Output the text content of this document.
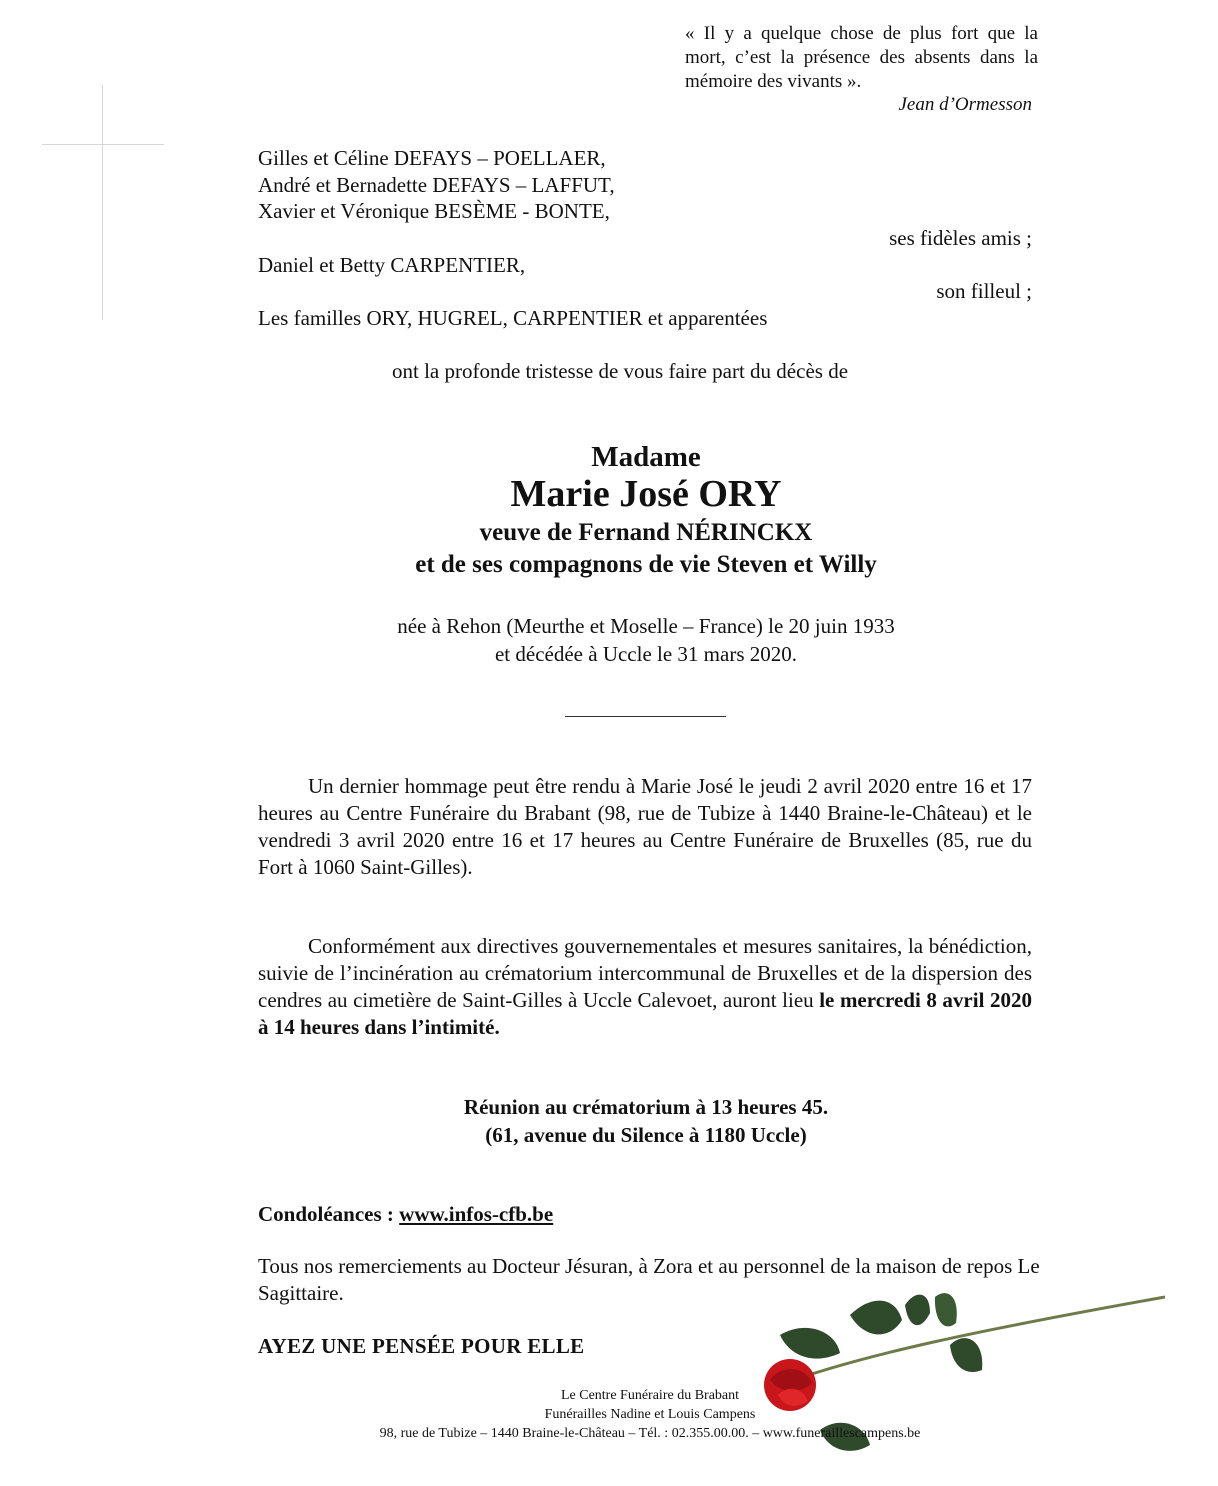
« Il y a quelque chose de plus fort que la mort, c’est la présence des absents dans la mémoire des vivants ».
Jean d’Ormesson
Gilles et Céline DEFAYS – POELLAER,
André et Bernadette DEFAYS – LAFFUT,
Xavier et Véronique BESÈME - BONTE,
ses fidèles amis ;
Daniel et Betty CARPENTIER,
son filleul ;
Les familles ORY, HUGREL, CARPENTIER et apparentées
ont la profonde tristesse de vous faire part du décès de
Madame
Marie José ORY
veuve de Fernand NÉRINCKX
et de ses compagnons de vie Steven et Willy
née à Rehon (Meurthe et Moselle – France) le 20 juin 1933
et décédée à Uccle le 31 mars 2020.
Un dernier hommage peut être rendu à Marie José le jeudi 2 avril 2020 entre 16 et 17 heures au Centre Funéraire du Brabant (98, rue de Tubize à 1440 Braine-le-Château) et le vendredi 3 avril 2020 entre 16 et 17 heures au Centre Funéraire de Bruxelles (85, rue du Fort à 1060 Saint-Gilles).
Conformément aux directives gouvernementales et mesures sanitaires, la bénédiction, suivie de l’incinération au crématorium intercommunal de Bruxelles et de la dispersion des cendres au cimetière de Saint-Gilles à Uccle Calevoet, auront lieu le mercredi 8 avril 2020 à 14 heures dans l’intimité.
Réunion au crématorium à 13 heures 45.
(61, avenue du Silence à 1180 Uccle)
Condoléances : www.infos-cfb.be
Tous nos remerciements au Docteur Jésuran, à Zora et au personnel de la maison de repos Le Sagittaire.
AYEZ UNE PENSÉE POUR ELLE
Le Centre Funéraire du Brabant
Funérailles Nadine et Louis Campens
98, rue de Tubize – 1440 Braine-le-Château – Tél. : 02.355.00.00. – www.funeraillescampens.be
